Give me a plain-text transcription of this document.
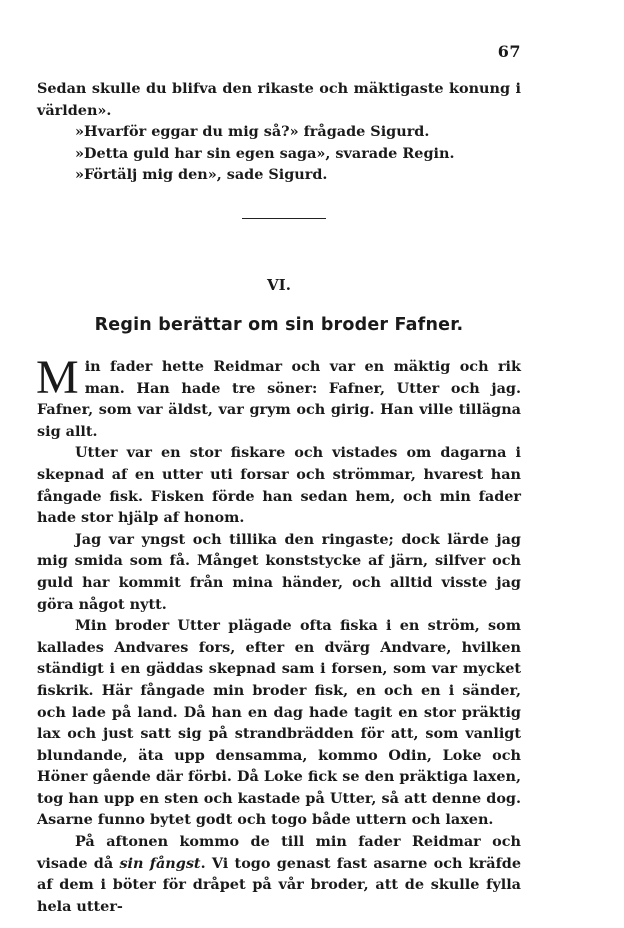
67

Sedan skulle du blifva den rikaste och mäktigaste konung i världen».

»Hvarför eggar du mig så?» frågade Sigurd.

»Detta guld har sin egen saga», svarade Regin.

»Förtälj mig den», sade Sigurd.

VI.
Regin berättar om sin broder Fafner.

Min fader hette Reidmar och var en mäktig och rik man. Han hade tre söner: Fafner, Utter och jag. Fafner, som var äldst, var grym och girig. Han ville tillägna sig allt.

Utter var en stor fiskare och vistades om dagarna i skepnad af en utter uti forsar och strömmar, hvarest han fångade fisk. Fisken förde han sedan hem, och min fader hade stor hjälp af honom.

Jag var yngst och tillika den ringaste; dock lärde jag mig smida som få. Månget konststycke af järn, silfver och guld har kommit från mina händer, och alltid visste jag göra något nytt.

Min broder Utter plägade ofta fiska i en ström, som kallades Andvares fors, efter en dvärg Andvare, hvilken ständigt i en gäddas skepnad sam i forsen, som var mycket fiskrik. Här fångade min broder fisk, en och en i sänder, och lade på land. Då han en dag hade tagit en stor präktig lax och just satt sig på strandbrädden för att, som vanligt blundande, äta upp densamma, kommo Odin, Loke och Höner gående där förbi. Då Loke fick se den präktiga laxen, tog han upp en sten och kastade på Utter, så att denne dog. Asarne funno bytet godt och togo både uttern och laxen.

På aftonen kommo de till min fader Reidmar och visade då sin fångst. Vi togo genast fast asarne och kräfde af dem i böter för dråpet på vår broder, att de skulle fylla hela utter-
